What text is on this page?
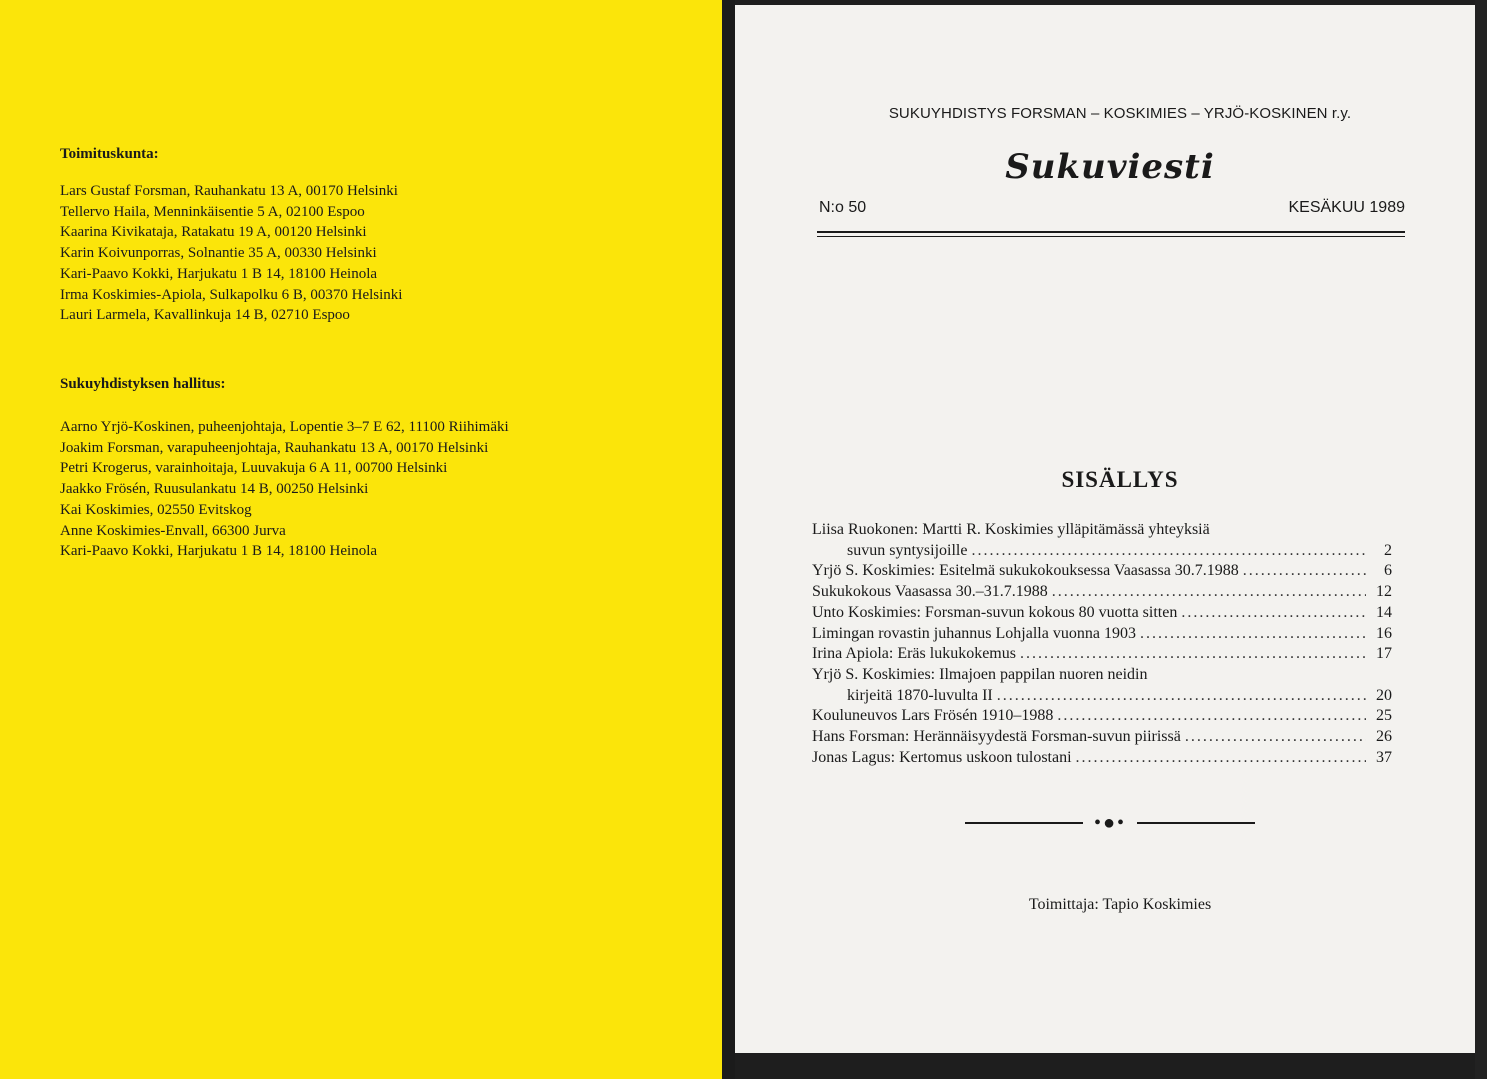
Toimituskunta:
Lars Gustaf Forsman, Rauhankatu 13 A, 00170 Helsinki
Tellervo Haila, Menninkäisentie 5 A, 02100 Espoo
Kaarina Kivikataja, Ratakatu 19 A, 00120 Helsinki
Karin Koivunporras, Solnantie 35 A, 00330 Helsinki
Kari-Paavo Kokki, Harjukatu 1 B 14, 18100 Heinola
Irma Koskimies-Apiola, Sulkapolku 6 B, 00370 Helsinki
Lauri Larmela, Kavallinkuja 14 B, 02710 Espoo
Sukuyhdistyksen hallitus:
Aarno Yrjö-Koskinen, puheenjohtaja, Lopentie 3–7 E 62, 11100 Riihimäki
Joakim Forsman, varapuheenjohtaja, Rauhankatu 13 A, 00170 Helsinki
Petri Krogerus, varainhoitaja, Luuvakuja 6 A 11, 00700 Helsinki
Jaakko Frösén, Ruusulankatu 14 B, 00250 Helsinki
Kai Koskimies, 02550 Evitskog
Anne Koskimies-Envall, 66300 Jurva
Kari-Paavo Kokki, Harjukatu 1 B 14, 18100 Heinola
SUKUYHDISTYS FORSMAN – KOSKIMIES – YRJÖ-KOSKINEN r.y.
Sukuviesti
N:o 50	KESÄKUU 1989
SISÄLLYS
Liisa Ruokonen: Martti R. Koskimies ylläpitämässä yhteyksiä
suvun syntysijoille .....	2
Yrjö S. Koskimies: Esitelmä sukukokouksessa Vaasassa 30.7.1988 .....	6
Sukukokous Vaasassa 30.–31.7.1988 .....	12
Unto Koskimies: Forsman-suvun kokous 80 vuotta sitten .....	14
Limingan rovastin juhannus Lohjalla vuonna 1903 .....	16
Irina Apiola: Eräs lukukokemus .....	17
Yrjö S. Koskimies: Ilmajoen pappilan nuoren neidin
kirjeitä 1870-luvulta II .....	20
Kouluneuvos Lars Frösén 1910–1988 .....	25
Hans Forsman: Herännäisyydestä Forsman-suvun piirissä .....	26
Jonas Lagus: Kertomus uskoon tulostani .....	37
•●•
Toimittaja: Tapio Koskimies
